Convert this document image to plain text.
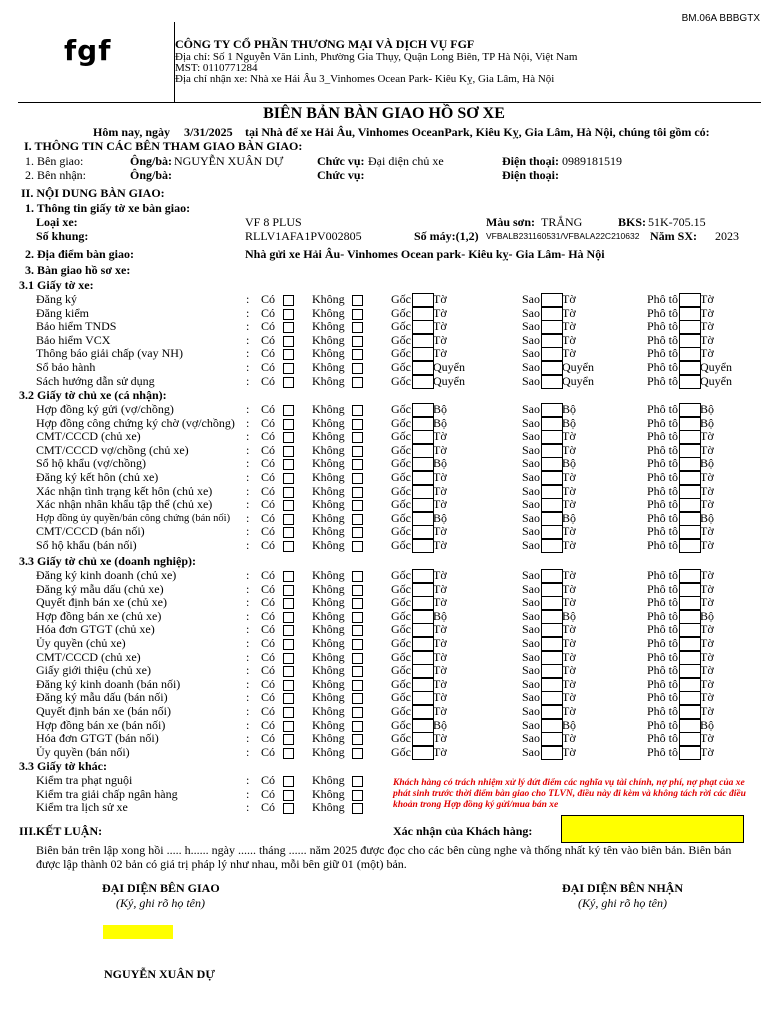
BM.06A BBBGTX
fgf	CÔNG TY CỔ PHẦN THƯƠNG MẠI VÀ DỊCH VỤ FGF
Địa chỉ: Số 1 Nguyễn Văn Linh, Phường Gia Thụy, Quận Long Biên, TP Hà Nội, Việt Nam
MST: 0110771284
Địa chỉ nhận xe: Nhà xe Hải Âu 3_Vinhomes Ocean Park- Kiêu Kỵ, Gia Lâm, Hà Nội
BIÊN BẢN BÀN GIAO HỒ SƠ XE
Hôm nay, ngày 3/31/2025 tại Nhà để xe Hải Âu, Vinhomes OceanPark, Kiêu Kỵ, Gia Lâm, Hà Nội, chúng tôi gồm có:
I. THÔNG TIN CÁC BÊN THAM GIAO BÀN GIAO:
1. Bên giao:	Ông/bà: NGUYỄN XUÂN DỰ	Chức vụ: Đại diện chủ xe	Điện thoại: 0989181519
2. Bên nhận:	Ông/bà:	Chức vụ:	Điện thoại:
II. NỘI DUNG BÀN GIAO:
1. Thông tin giấy tờ xe bàn giao:
Loại xe:	VF 8 PLUS	Màu sơn: TRẮNG	BKS: 51K-705.15
Số khung:	RLLV1AFA1PV002805	Số máy:(1,2) VFBALB231160531/VFBALA22C210632 Năm SX: 2023
2. Địa điểm bàn giao:	Nhà gửi xe Hải Âu- Vinhomes Ocean park- Kiêu kỵ- Gia Lâm- Hà Nội
3. Bàn giao hồ sơ xe:
3.1 Giấy tờ xe:
Đăng ký	: Có	Không	Gốc Tờ	Sao Tờ	Phô tô Tờ
Đăng kiểm	: Có	Không	Gốc Tờ	Sao Tờ	Phô tô Tờ
Bảo hiểm TNDS	: Có	Không	Gốc Tờ	Sao Tờ	Phô tô Tờ
Bảo hiểm VCX	: Có	Không	Gốc Tờ	Sao Tờ	Phô tô Tờ
Thông báo giải chấp (vay NH)	: Có	Không	Gốc Tờ	Sao Tờ	Phô tô Tờ
Sổ bảo hành	: Có	Không	Gốc Quyển	Sao Quyển	Phô tô Quyển
Sách hướng dẫn sử dụng	: Có	Không	Gốc Quyển	Sao Quyển	Phô tô Quyển
3.2 Giấy tờ chủ xe (cá nhận):
Hợp đồng ký gửi (vợ/chồng)	: Có	Không	Gốc Bộ	Sao Bộ	Phô tô Bộ
Hợp đồng công chứng ký chờ (vợ/chồng) : Có	Không	Gốc Bộ	Sao Bộ	Phô tô Bộ
CMT/CCCD (chủ xe)	: Có	Không	Gốc Tờ	Sao Tờ	Phô tô Tờ
CMT/CCCD vợ/chồng (chủ xe)	: Có	Không	Gốc Tờ	Sao Tờ	Phô tô Tờ
Sổ hộ khẩu (vợ/chồng)	: Có	Không	Gốc Bộ	Sao Bộ	Phô tô Bộ
Đăng ký kết hôn (chủ xe)	: Có	Không	Gốc Tờ	Sao Tờ	Phô tô Tờ
Xác nhận tình trạng kết hôn (chủ xe)	: Có	Không	Gốc Tờ	Sao Tờ	Phô tô Tờ
Xác nhận nhân khẩu tập thể (chủ xe)	: Có	Không	Gốc Tờ	Sao Tờ	Phô tô Tờ
Hợp đồng ủy quyền/bán công chứng (bán nối) : Có	Không	Gốc Bộ	Sao Bộ	Phô tô Bộ
CMT/CCCD (bán nối)	: Có	Không	Gốc Tờ	Sao Tờ	Phô tô Tờ
Sổ hộ khẩu (bán nối)	: Có	Không	Gốc Tờ	Sao Tờ	Phô tô Tờ
3.3 Giấy tờ chủ xe (doanh nghiệp):
Đăng ký kinh doanh (chủ xe)	: Có	Không	Gốc Tờ	Sao Tờ	Phô tô Tờ
Đăng ký mẫu dấu (chủ xe)	: Có	Không	Gốc Tờ	Sao Tờ	Phô tô Tờ
Quyết định bán xe (chủ xe)	: Có	Không	Gốc Tờ	Sao Tờ	Phô tô Tờ
Hợp đồng bán xe (chủ xe)	: Có	Không	Gốc Bộ	Sao Bộ	Phô tô Bộ
Hóa đơn GTGT (chủ xe)	: Có	Không	Gốc Tờ	Sao Tờ	Phô tô Tờ
Ủy quyền (chủ xe)	: Có	Không	Gốc Tờ	Sao Tờ	Phô tô Tờ
CMT/CCCD (chủ xe)	: Có	Không	Gốc Tờ	Sao Tờ	Phô tô Tờ
Giấy giới thiệu (chủ xe)	: Có	Không	Gốc Tờ	Sao Tờ	Phô tô Tờ
Đăng ký kinh doanh (bán nối)	: Có	Không	Gốc Tờ	Sao Tờ	Phô tô Tờ
Đăng ký mẫu dấu (bán nối)	: Có	Không	Gốc Tờ	Sao Tờ	Phô tô Tờ
Quyết định bán xe (bán nối)	: Có	Không	Gốc Tờ	Sao Tờ	Phô tô Tờ
Hợp đồng bán xe (bán nối)	: Có	Không	Gốc Bộ	Sao Bộ	Phô tô Bộ
Hóa đơn GTGT (bán nối)	: Có	Không	Gốc Tờ	Sao Tờ	Phô tô Tờ
Ủy quyền (bán nối)	: Có	Không	Gốc Tờ	Sao Tờ	Phô tô Tờ
3.3 Giấy tờ khác:
Kiểm tra phạt nguội	: Có	Không
Kiểm tra giải chấp ngân hàng	: Có	Không
Kiểm tra lịch sử xe	: Có	Không
Khách hàng có trách nhiệm xử lý dứt điểm các nghĩa vụ tài chính, nợ phí, nợ phạt của xe phát sinh trước thời điểm bàn giao cho TLVN, điều này đi kèm và không tách rời các điều khoản trong Hợp đồng ký gửi/mua bán xe
III.KẾT LUẬN:	Xác nhận của Khách hàng:
Biên bản trên lập xong hồi ..... h...... ngày ...... tháng ...... năm 2025 được đọc cho các bên cùng nghe và thống nhất ký tên vào biên bản. Biên bản được lập thành 02 bản có giá trị pháp lý như nhau, mỗi bên giữ 01 (một) bản.
ĐẠI DIỆN BÊN GIAO
(Ký, ghi rõ họ tên)
ĐẠI DIỆN BÊN NHẬN
(Ký, ghi rõ họ tên)
NGUYỄN XUÂN DỰ
